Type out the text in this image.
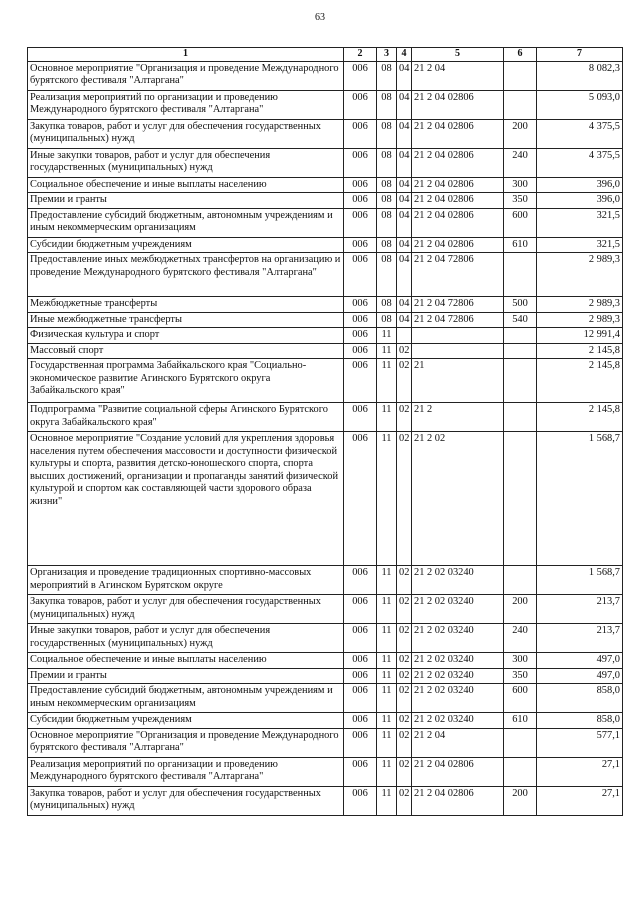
63
1	2	3	4	5	6	7
Основное мероприятие "Организация и проведение Международного бурятского фестиваля "Алтаргана"	006	08	04	21 2 04		8 082,3
Реализация мероприятий по организации и проведению Международного бурятского фестиваля "Алтаргана"	006	08	04	21 2 04 02806		5 093,0
Закупка товаров, работ и услуг для обеспечения государственных (муниципальных) нужд	006	08	04	21 2 04 02806	200	4 375,5
Иные закупки товаров, работ и услуг для обеспечения государственных (муниципальных) нужд	006	08	04	21 2 04 02806	240	4 375,5
Социальное обеспечение и иные выплаты населению	006	08	04	21 2 04 02806	300	396,0
Премии и гранты	006	08	04	21 2 04 02806	350	396,0
Предоставление субсидий бюджетным, автономным учреждениям и иным некоммерческим организациям	006	08	04	21 2 04 02806	600	321,5
Субсидии бюджетным учреждениям	006	08	04	21 2 04 02806	610	321,5
Предоставление иных межбюджетных трансфертов на организацию и проведение Международного бурятского фестиваля "Алтаргана"	006	08	04	21 2 04 72806		2 989,3
Межбюджетные трансферты	006	08	04	21 2 04 72806	500	2 989,3
Иные межбюджетные трансферты	006	08	04	21 2 04 72806	540	2 989,3
Физическая культура и спорт	006	11				12 991,4
Массовый спорт	006	11	02			2 145,8
Государственная программа Забайкальского края "Социально-экономическое развитие Агинского Бурятского округа Забайкальского края"	006	11	02	21		2 145,8
Подпрограмма "Развитие социальной сферы Агинского Бурятского округа Забайкальского края"	006	11	02	21 2		2 145,8
Основное мероприятие "Создание условий для укрепления здоровья населения путем обеспечения массовости и доступности физической культуры и спорта, развития детско-юношеского спорта, спорта высших достижений, организации и пропаганды занятий физической культурой и спортом как составляющей части здорового образа жизни"	006	11	02	21 2 02		1 568,7
Организация и проведение традиционных спортивно-массовых мероприятий в Агинском Бурятском округе	006	11	02	21 2 02 03240		1 568,7
Закупка товаров, работ и услуг для обеспечения государственных (муниципальных) нужд	006	11	02	21 2 02 03240	200	213,7
Иные закупки товаров, работ и услуг для обеспечения государственных (муниципальных) нужд	006	11	02	21 2 02 03240	240	213,7
Социальное обеспечение и иные выплаты населению	006	11	02	21 2 02 03240	300	497,0
Премии и гранты	006	11	02	21 2 02 03240	350	497,0
Предоставление субсидий бюджетным, автономным учреждениям и иным некоммерческим организациям	006	11	02	21 2 02 03240	600	858,0
Субсидии бюджетным учреждениям	006	11	02	21 2 02 03240	610	858,0
Основное мероприятие "Организация и проведение Международного бурятского фестиваля "Алтаргана"	006	11	02	21 2 04		577,1
Реализация мероприятий по организации и проведению Международного бурятского фестиваля "Алтаргана"	006	11	02	21 2 04 02806		27,1
Закупка товаров, работ и услуг для обеспечения государственных (муниципальных) нужд	006	11	02	21 2 04 02806	200	27,1
